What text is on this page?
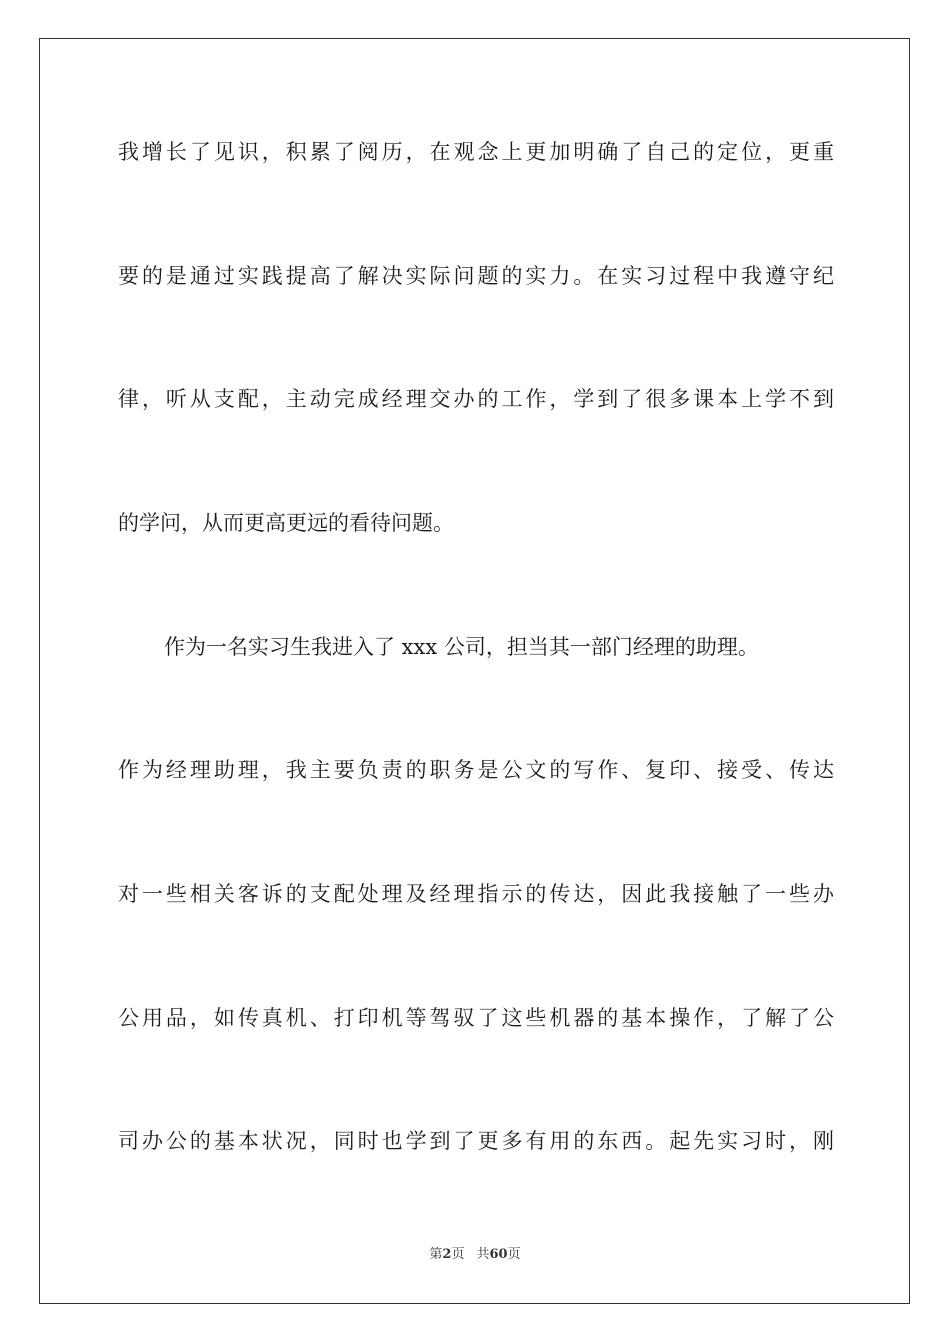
我增长了见识，积累了阅历，在观念上更加明确了自己的定位，更重
要的是通过实践提高了解决实际问题的实力。在实习过程中我遵守纪
律，听从支配，主动完成经理交办的工作，学到了很多课本上学不到
的学问，从而更高更远的看待问题。
作为一名实习生我进入了 xxx 公司，担当其一部门经理的助理。
作为经理助理，我主要负责的职务是公文的写作、复印、接受、传达
对一些相关客诉的支配处理及经理指示的传达，因此我接触了一些办
公用品，如传真机、打印机等驾驭了这些机器的基本操作，了解了公
司办公的基本状况，同时也学到了更多有用的东西。起先实习时，刚
第2页 共60页
